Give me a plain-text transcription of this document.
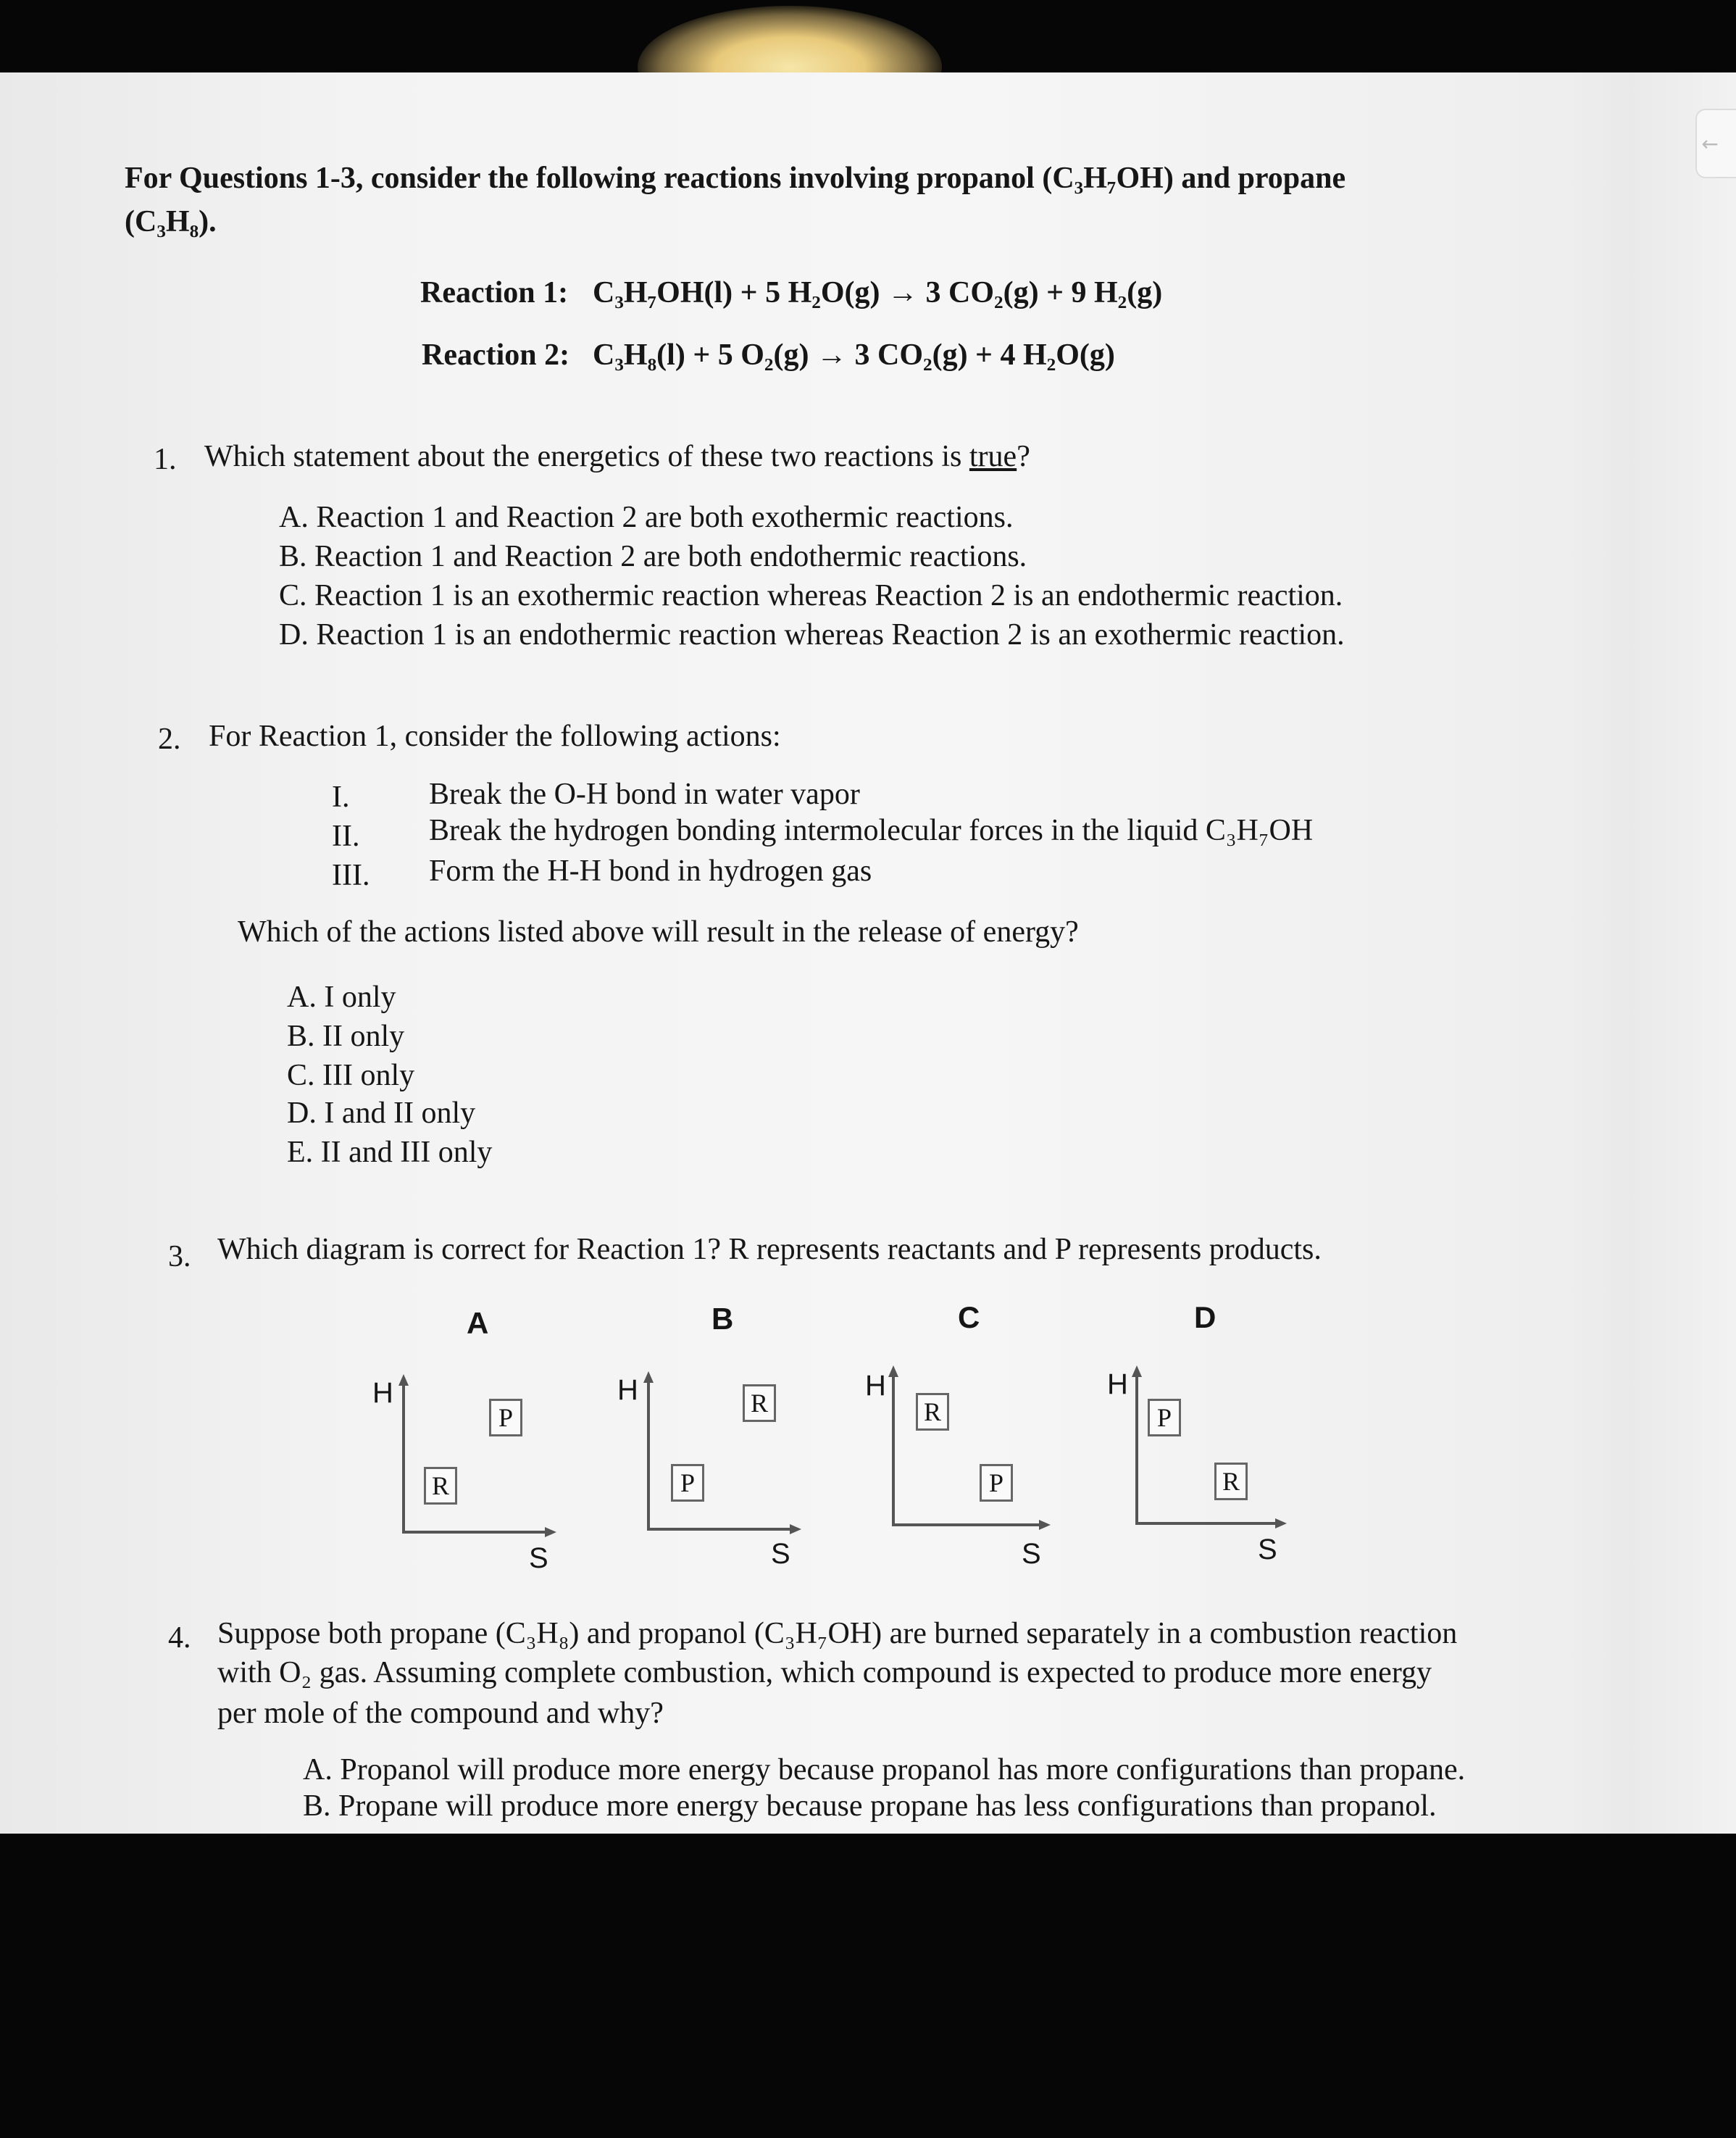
←
For Questions 1-3, consider the following reactions involving propanol (C₃H₇OH) and propane
(C₃H₈).
Reaction 1: C₃H₇OH(l) + 5 H₂O(g) → 3 CO₂(g) + 9 H₂(g)
Reaction 2: C₃H₈(l) + 5 O₂(g) → 3 CO₂(g) + 4 H₂O(g)
1. Which statement about the energetics of these two reactions is true?
A. Reaction 1 and Reaction 2 are both exothermic reactions.
B. Reaction 1 and Reaction 2 are both endothermic reactions.
C. Reaction 1 is an exothermic reaction whereas Reaction 2 is an endothermic reaction.
D. Reaction 1 is an endothermic reaction whereas Reaction 2 is an exothermic reaction.
2. For Reaction 1, consider the following actions:
I.	Break the O-H bond in water vapor
II. Break the hydrogen bonding intermolecular forces in the liquid C₃H₇OH
III. Form the H-H bond in hydrogen gas
Which of the actions listed above will result in the release of energy?
A. I only
B. II only
C. III only
D. I and II only
E. II and III only
3. Which diagram is correct for Reaction 1? R represents reactants and P represents products.
A
H
S
R
P
B
H
S
P
R
C
H
S
R
P
D
H
S
P
R
4. Suppose both propane (C₃H₈) and propanol (C₃H₇OH) are burned separately in a combustion reaction
with O₂ gas. Assuming complete combustion, which compound is expected to produce more energy
per mole of the compound and why?
A. Propanol will produce more energy because propanol has more configurations than propane.
B. Propane will produce more energy because propane has less configurations than propanol.
